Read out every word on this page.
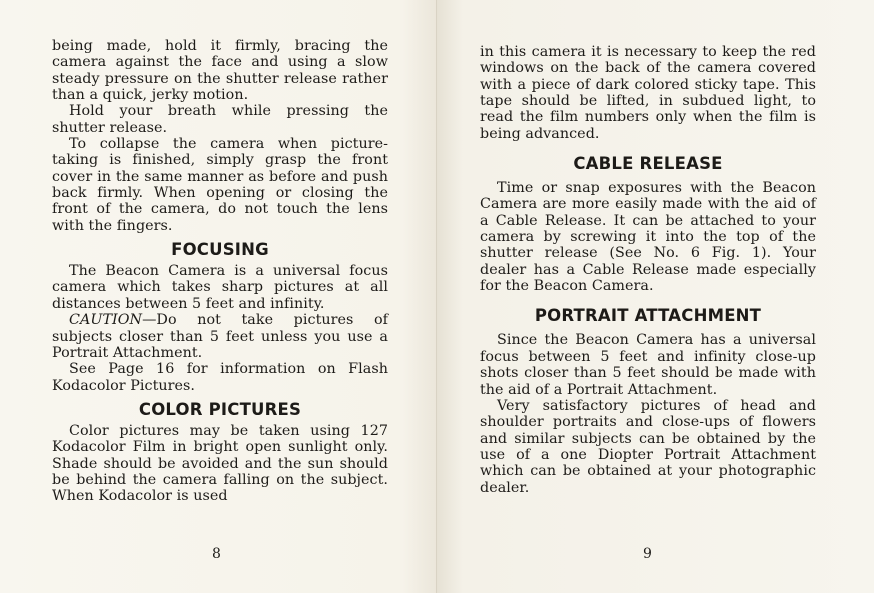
being made, hold it firmly, bracing the camera against the face and using a slow steady pressure on the shutter release rather than a quick, jerky motion.

Hold your breath while pressing the shutter release.

To collapse the camera when picture-taking is finished, simply grasp the front cover in the same manner as before and push back firmly. When opening or closing the front of the camera, do not touch the lens with the fingers.

FOCUSING

The Beacon Camera is a universal focus camera which takes sharp pictures at all distances between 5 feet and infinity.

CAUTION—Do not take pictures of subjects closer than 5 feet unless you use a Portrait Attachment.

See Page 16 for information on Flash Kodacolor Pictures.

COLOR PICTURES

Color pictures may be taken using 127 Kodacolor Film in bright open sunlight only. Shade should be avoided and the sun should be behind the camera falling on the subject. When Kodacolor is used

8

in this camera it is necessary to keep the red windows on the back of the camera covered with a piece of dark colored sticky tape. This tape should be lifted, in subdued light, to read the film numbers only when the film is being advanced.

CABLE RELEASE

Time or snap exposures with the Beacon Camera are more easily made with the aid of a Cable Release. It can be attached to your camera by screwing it into the top of the shutter release (See No. 6 Fig. 1). Your dealer has a Cable Release made especially for the Beacon Camera.

PORTRAIT ATTACHMENT

Since the Beacon Camera has a universal focus between 5 feet and infinity close-up shots closer than 5 feet should be made with the aid of a Portrait Attachment.

Very satisfactory pictures of head and shoulder portraits and close-ups of flowers and similar subjects can be obtained by the use of a one Diopter Portrait Attachment which can be obtained at your photographic dealer.

9
